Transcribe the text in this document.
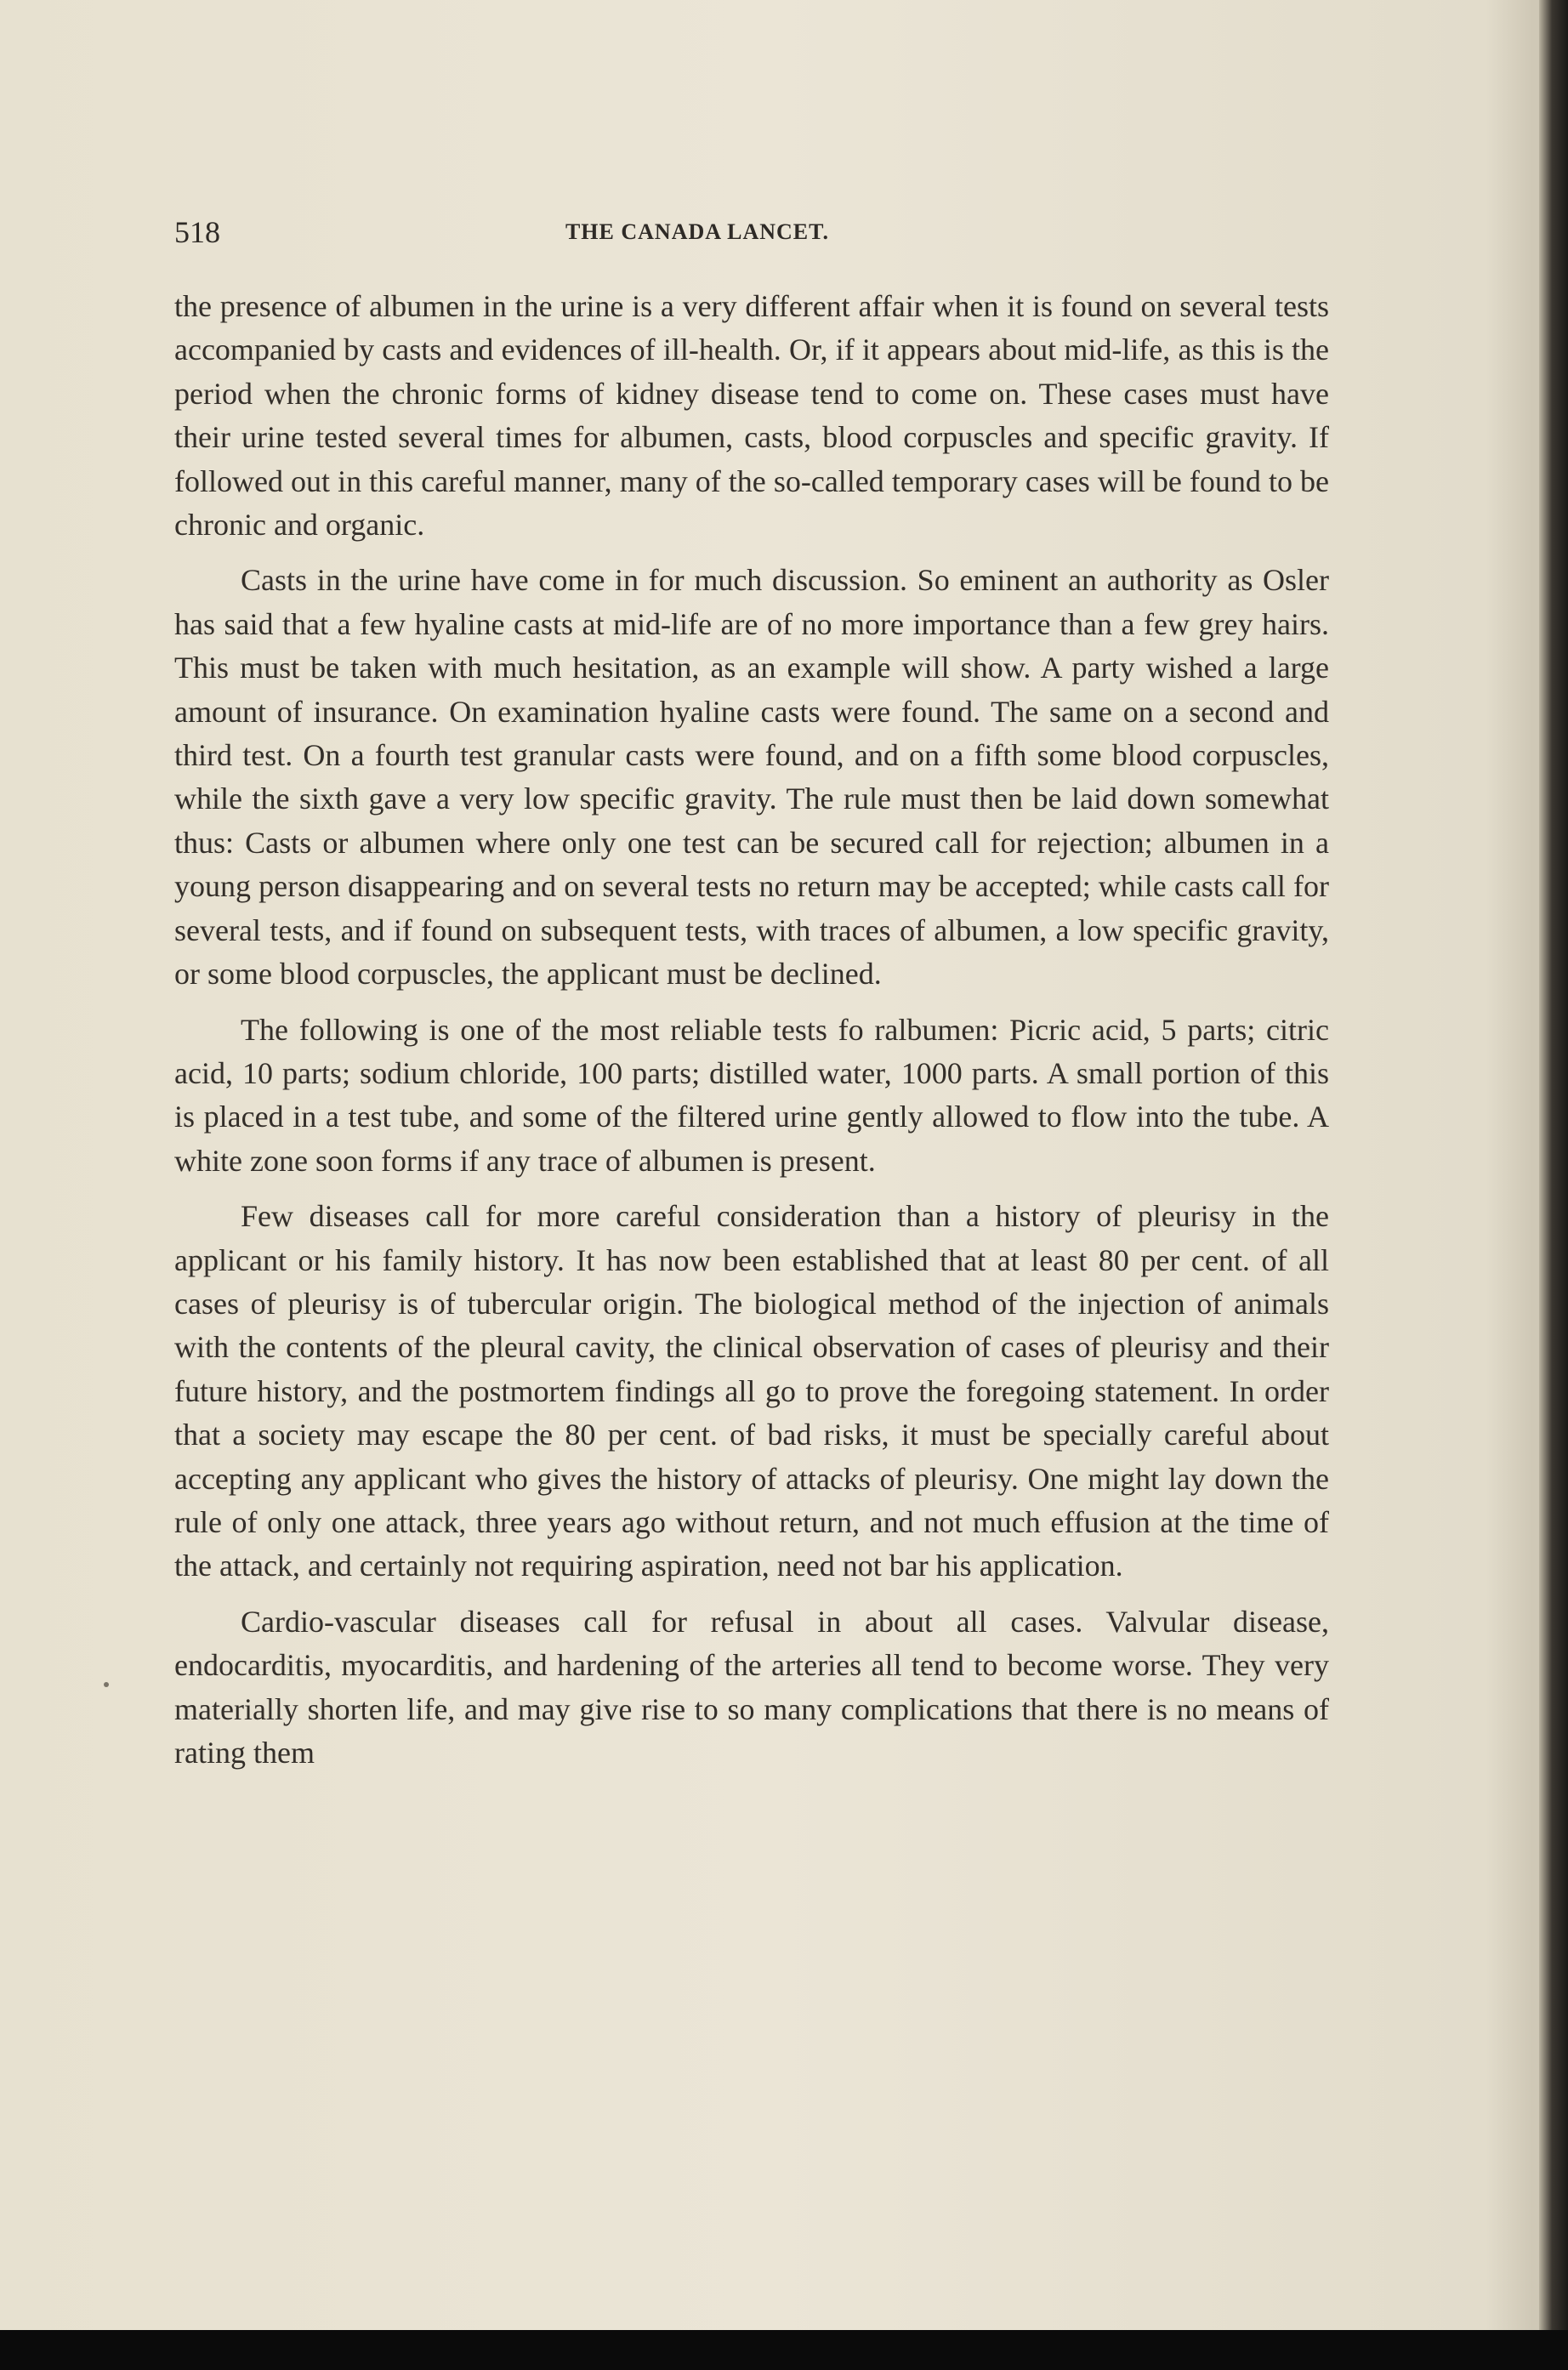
518	THE CANADA LANCET.

the presence of albumen in the urine is a very different affair when it is found on several tests accompanied by casts and evidences of ill-health. Or, if it appears about mid-life, as this is the period when the chronic forms of kidney disease tend to come on. These cases must have their urine tested several times for albumen, casts, blood corpuscles and specific gravity. If followed out in this careful manner, many of the so-called temporary cases will be found to be chronic and organic.

Casts in the urine have come in for much discussion. So eminent an authority as Osler has said that a few hyaline casts at mid-life are of no more importance than a few grey hairs. This must be taken with much hesitation, as an example will show. A party wished a large amount of insurance. On examination hyaline casts were found. The same on a second and third test. On a fourth test granular casts were found, and on a fifth some blood corpuscles, while the sixth gave a very low specific gravity. The rule must then be laid down somewhat thus: Casts or albumen where only one test can be secured call for rejection; albumen in a young person disappearing and on several tests no return may be accepted; while casts call for several tests, and if found on subsequent tests, with traces of albumen, a low specific gravity, or some blood corpuscles, the applicant must be declined.

The following is one of the most reliable tests fo ralbumen: Picric acid, 5 parts; citric acid, 10 parts; sodium chloride, 100 parts; distilled water, 1000 parts. A small portion of this is placed in a test tube, and some of the filtered urine gently allowed to flow into the tube. A white zone soon forms if any trace of albumen is present.

Few diseases call for more careful consideration than a history of pleurisy in the applicant or his family history. It has now been established that at least 80 per cent. of all cases of pleurisy is of tubercular origin. The biological method of the injection of animals with the contents of the pleural cavity, the clinical observation of cases of pleurisy and their future history, and the postmortem findings all go to prove the foregoing statement. In order that a society may escape the 80 per cent. of bad risks, it must be specially careful about accepting any applicant who gives the history of attacks of pleurisy. One might lay down the rule of only one attack, three years ago without return, and not much effusion at the time of the attack, and certainly not requiring aspiration, need not bar his application.

Cardio-vascular diseases call for refusal in about all cases. Valvular disease, endocarditis, myocarditis, and hardening of the arteries all tend to become worse. They very materially shorten life, and may give rise to so many complications that there is no means of rating them
